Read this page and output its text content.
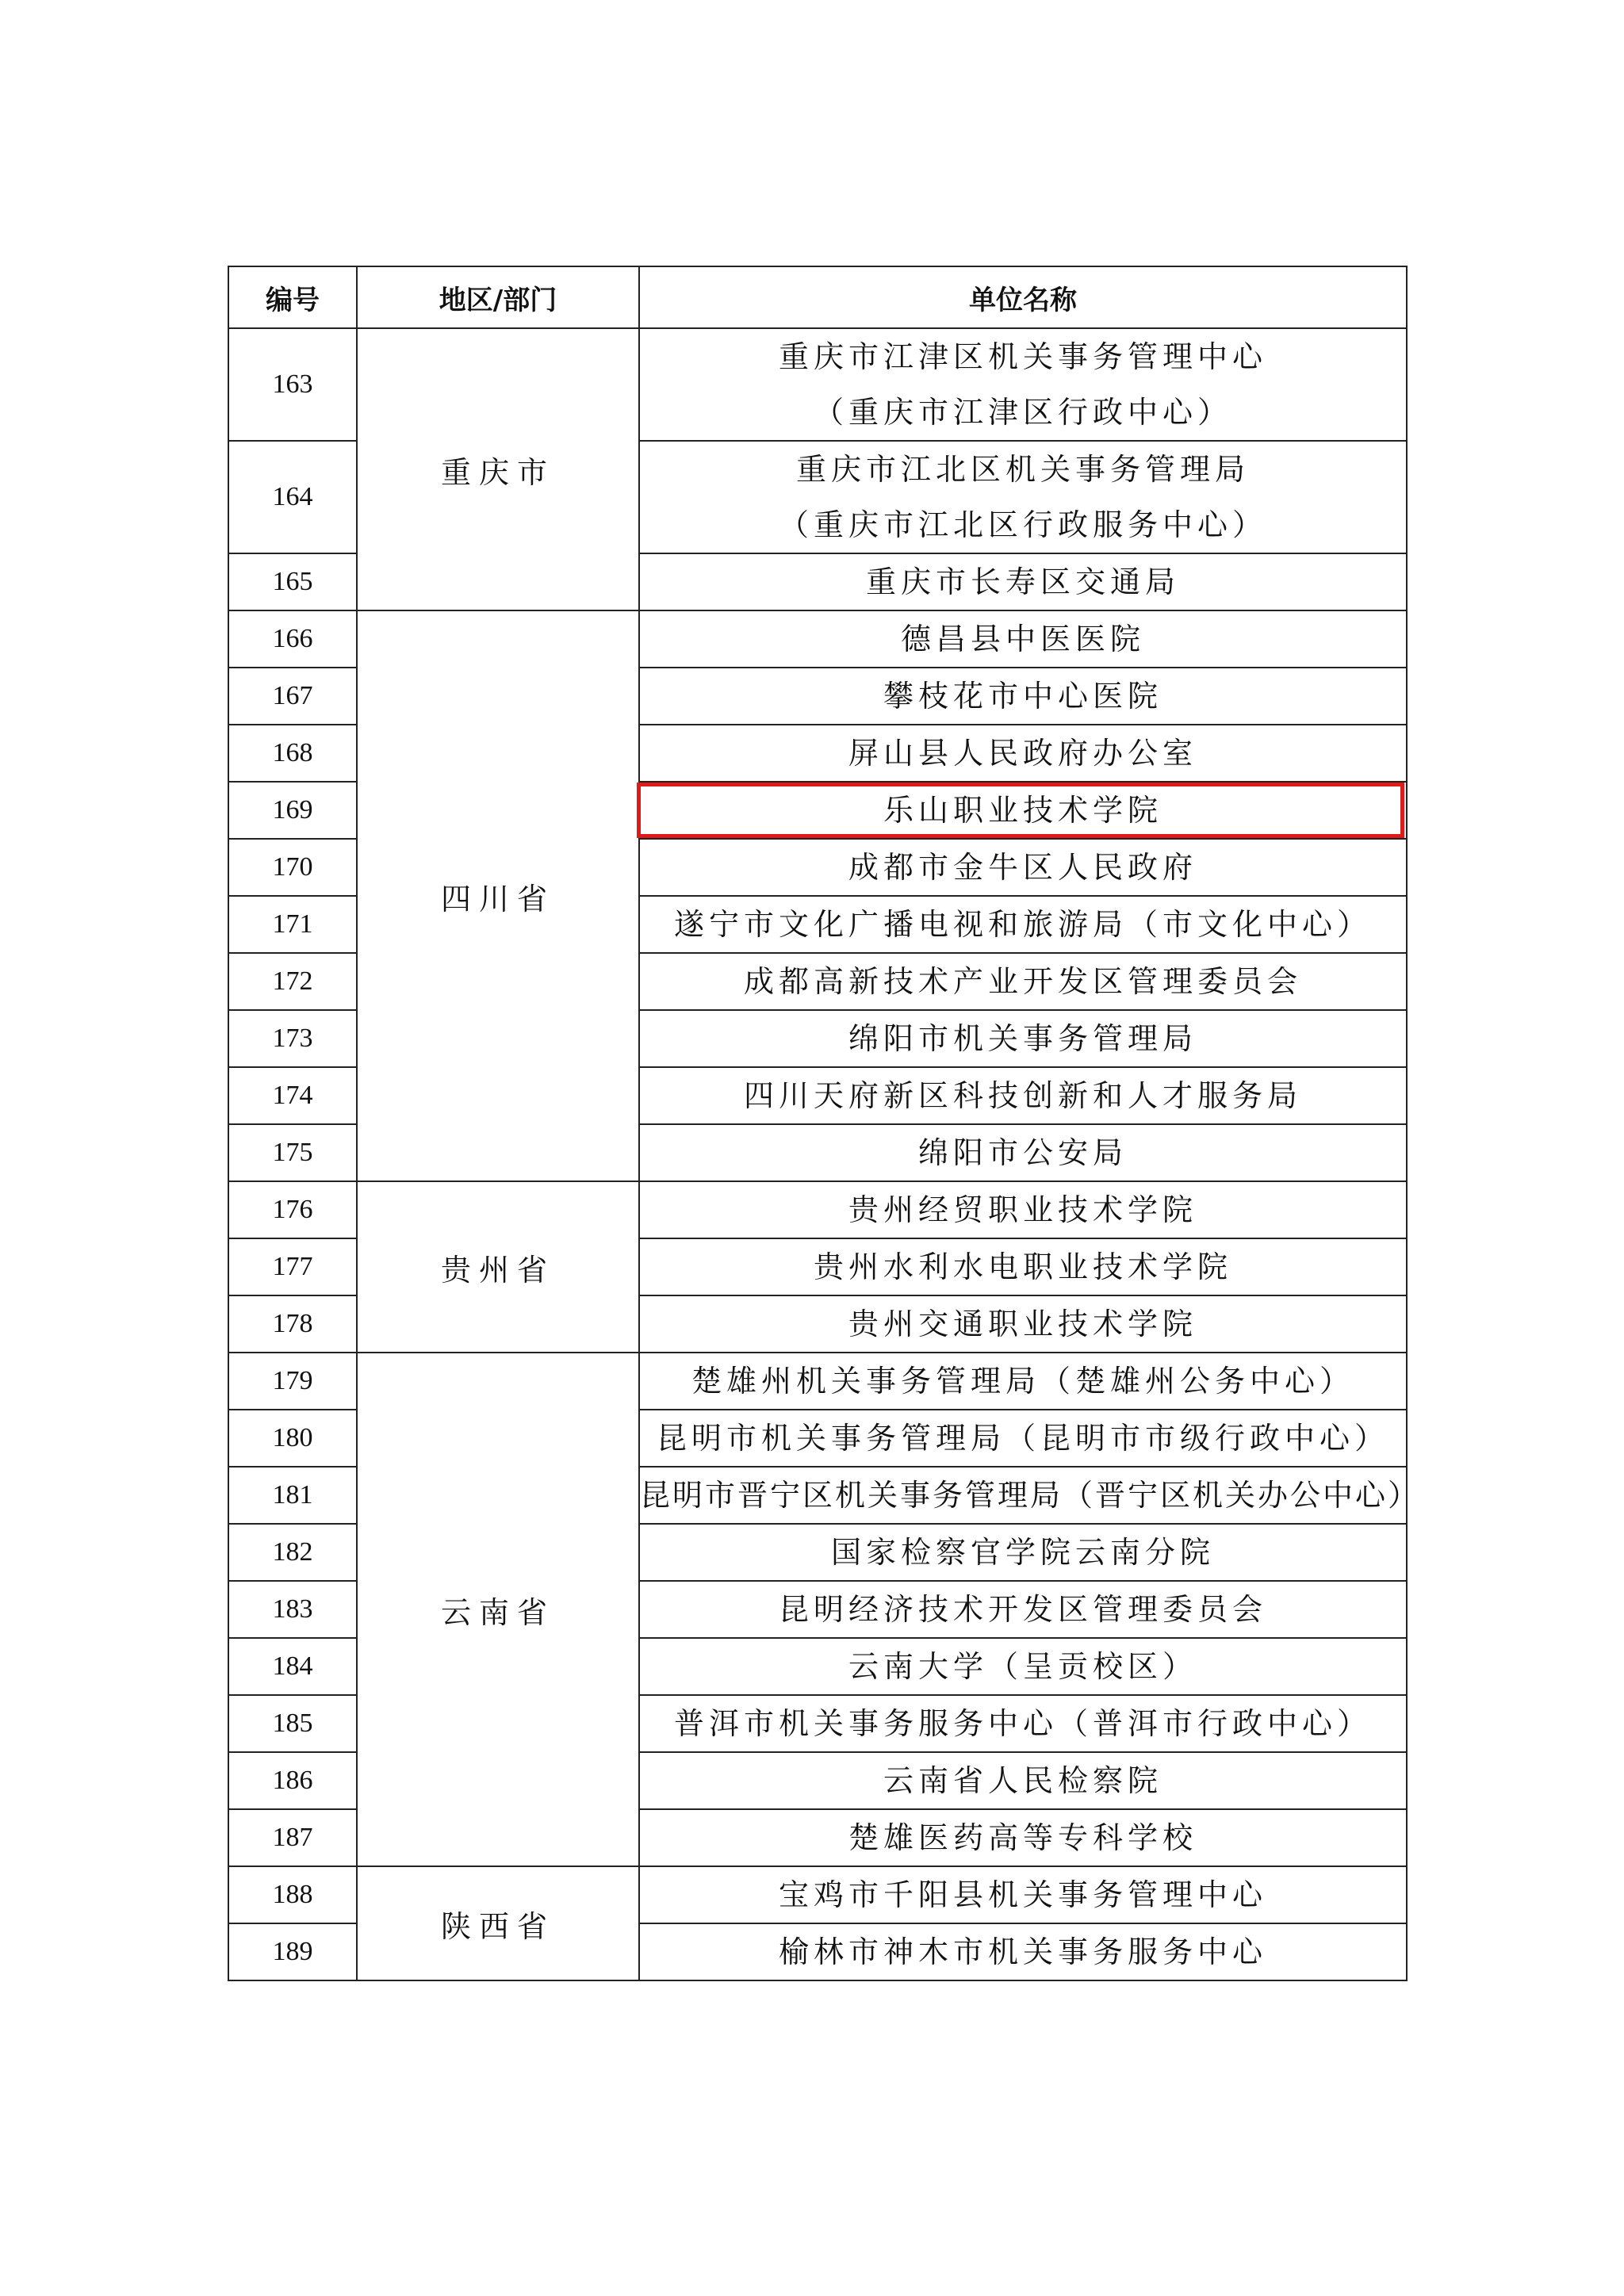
编号	地区/部门	单位名称
163	重庆市	重庆市江津区机关事务管理中心
（重庆市江津区行政中心）

164		重庆市江北区机关事务管理局
（重庆市江北区行政服务中心）

165		重庆市长寿区交通局
166	四川省	德昌县中医医院
167		攀枝花市中心医院
168		屏山县人民政府办公室
169		乐山职业技术学院

170		成都市金牛区人民政府
171		遂宁市文化广播电视和旅游局（市文化中心）
172		成都高新技术产业开发区管理委员会
173		绵阳市机关事务管理局
174		四川天府新区科技创新和人才服务局
175		绵阳市公安局
176	贵州省	贵州经贸职业技术学院
177		贵州水利水电职业技术学院
178		贵州交通职业技术学院
179	云南省	楚雄州机关事务管理局（楚雄州公务中心）
180		昆明市机关事务管理局（昆明市市级行政中心）
181		昆明市晋宁区机关事务管理局（晋宁区机关办公中心）
182		国家检察官学院云南分院
183		昆明经济技术开发区管理委员会
184		云南大学（呈贡校区）
185		普洱市机关事务服务中心（普洱市行政中心）
186		云南省人民检察院
187		楚雄医药高等专科学校
188	陕西省	宝鸡市千阳县机关事务管理中心
189		榆林市神木市机关事务服务中心
